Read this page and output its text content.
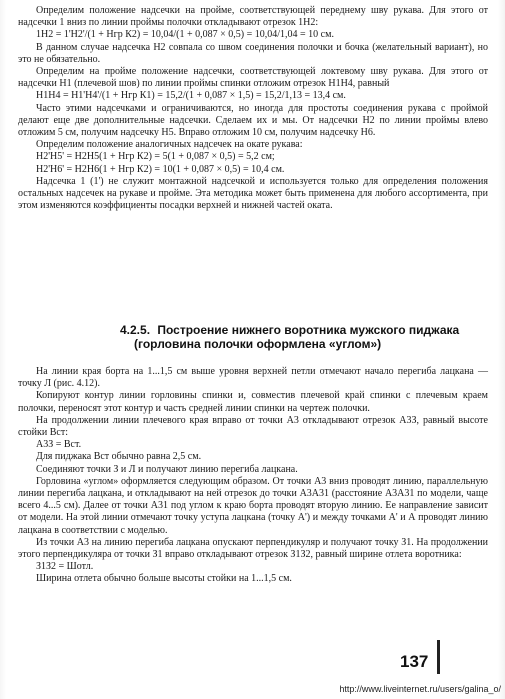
Определим положение надсечки на пройме, соответствующей переднему шву рукава. Для этого от надсечки 1 вниз по линии проймы полочки откладывают отрезок 1Н2:

1Н2 = 1'Н2'/(1 + Нгр К2) = 10,04/(1 + 0,087 × 0,5) = 10,04/1,04 = 10 см.

В данном случае надсечка Н2 совпала со швом соединения полочки и бочка (желательный вариант), но это не обязательно.

Определим на пройме положение надсечки, соответствующей локтевому шву рукава. Для этого от надсечки Н1 (плечевой шов) по линии проймы спинки отложим отрезок Н1Н4, равный

Н1Н4 = Н1'Н4'/(1 + Нгр К1) = 15,2/(1 + 0,087 × 1,5) = 15,2/1,13 = 13,4 см.

Часто этими надсечками и ограничиваются, но иногда для простоты соединения рукава с проймой делают еще две дополнительные надсечки. Сделаем их и мы. От надсечки Н2 по линии проймы влево отложим 5 см, получим надсечку Н5. Вправо отложим 10 см, получим надсечку Н6.

Определим положение аналогичных надсечек на окате рукава:

Н2'Н5' = Н2Н5(1 + Нгр К2) = 5(1 + 0,087 × 0,5) = 5,2 см;

Н2'Н6' = Н2Н6(1 + Нгр К2) = 10(1 + 0,087 × 0,5) = 10,4 см.

Надсечка 1 (1') не служит монтажной надсечкой и используется только для определения положения остальных надсечек на рукаве и пройме. Эта методика может быть применена для любого ассортимента, при этом изменяются коэффициенты посадки верхней и нижней частей оката.

4.2.5. Построение нижнего воротника мужского пиджака
(горловина полочки оформлена «углом»)

На линии края борта на 1...1,5 см выше уровня верхней петли отмечают начало перегиба лацкана — точку Л (рис. 4.12).

Копируют контур линии горловины спинки и, совместив плечевой край спинки с плечевым краем полочки, переносят этот контур и часть средней линии спинки на чертеж полочки.

На продолжении линии плечевого края вправо от точки А3 откладывают отрезок А3З, равный высоте стойки Вст:

А3З = Вст.

Для пиджака Вст обычно равна 2,5 см.

Соединяют точки З и Л и получают линию перегиба лацкана.

Горловина «углом» оформляется следующим образом. От точки А3 вниз проводят линию, параллельную линии перегиба лацкана, и откладывают на ней отрезок до точки А3А31 (расстояние А3А31 по модели, чаще всего 4...5 см). Далее от точки А31 под углом к краю борта проводят вторую линию. Ее направление зависит от модели. На этой линии отмечают точку уступа лацкана (точку А') и между точками А' и А проводят линию лацкана в соответствии с моделью.

Из точки А3 на линию перегиба лацкана опускают перпендикуляр и получают точку З1. На продолжении этого перпендикуляра от точки З1 вправо откладывают отрезок З1З2, равный ширине отлета воротника:

З1З2 = Шотл.

Ширина отлета обычно больше высоты стойки на 1...1,5 см.

137
http://www.liveinternet.ru/users/galina_o/
